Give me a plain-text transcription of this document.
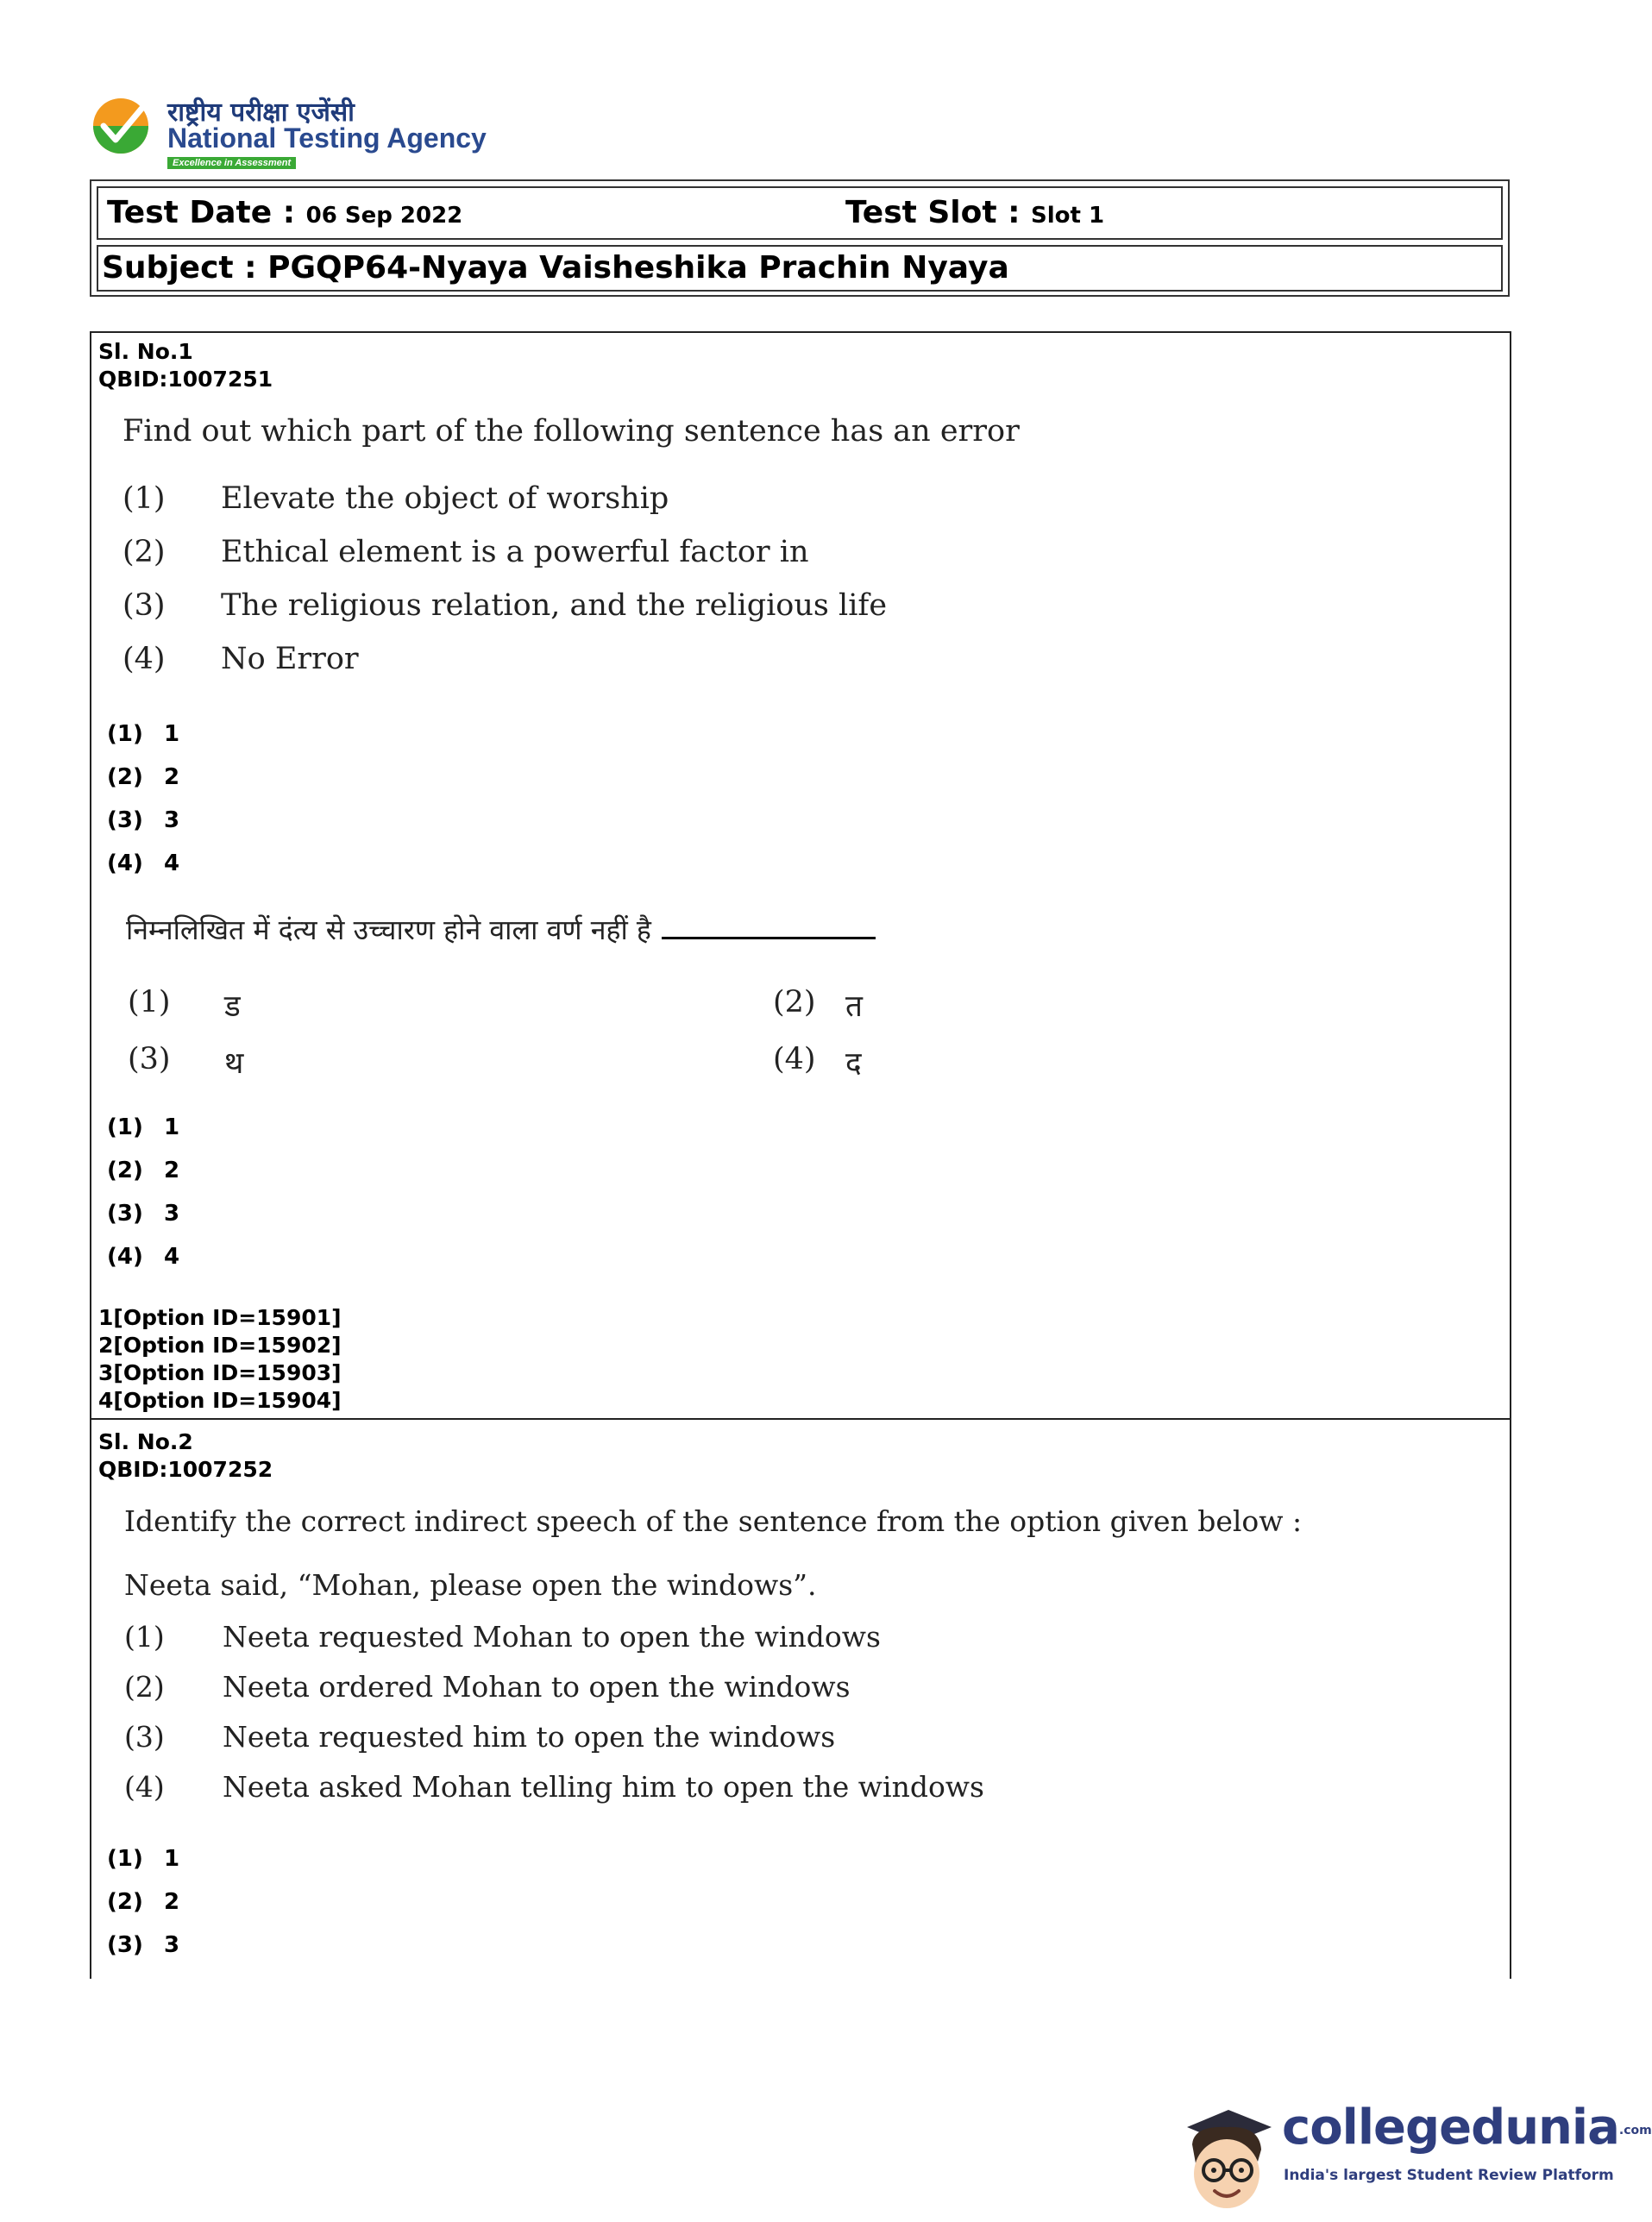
राष्ट्रीय परीक्षा एजेंसी
National Testing Agency
Excellence in Assessment
Test Date : 06 Sep 2022	Test Slot : Slot 1
Subject : PGQP64-Nyaya Vaisheshika Prachin Nyaya
Sl. No.1
QBID:1007251
Find out which part of the following sentence has an error
(1) Elevate the object of worship
(2) Ethical element is a powerful factor in
(3) The religious relation, and the religious life
(4) No Error
(1) 1
(2) 2
(3) 3
(4) 4
निम्नलिखित में दंत्य से उच्चारण होने वाला वर्ण नहीं है
(1) ड	(2) त
(3) थ	(4) द
(1) 1
(2) 2
(3) 3
(4) 4
1[Option ID=15901]
2[Option ID=15902]
3[Option ID=15903]
4[Option ID=15904]
Sl. No.2
QBID:1007252
Identify the correct indirect speech of the sentence from the option given below :
Neeta said, “Mohan, please open the windows”.
(1) Neeta requested Mohan to open the windows
(2) Neeta ordered Mohan to open the windows
(3) Neeta requested him to open the windows
(4) Neeta asked Mohan telling him to open the windows
(1) 1
(2) 2
(3) 3
collegedunia.com
India's largest Student Review Platform
